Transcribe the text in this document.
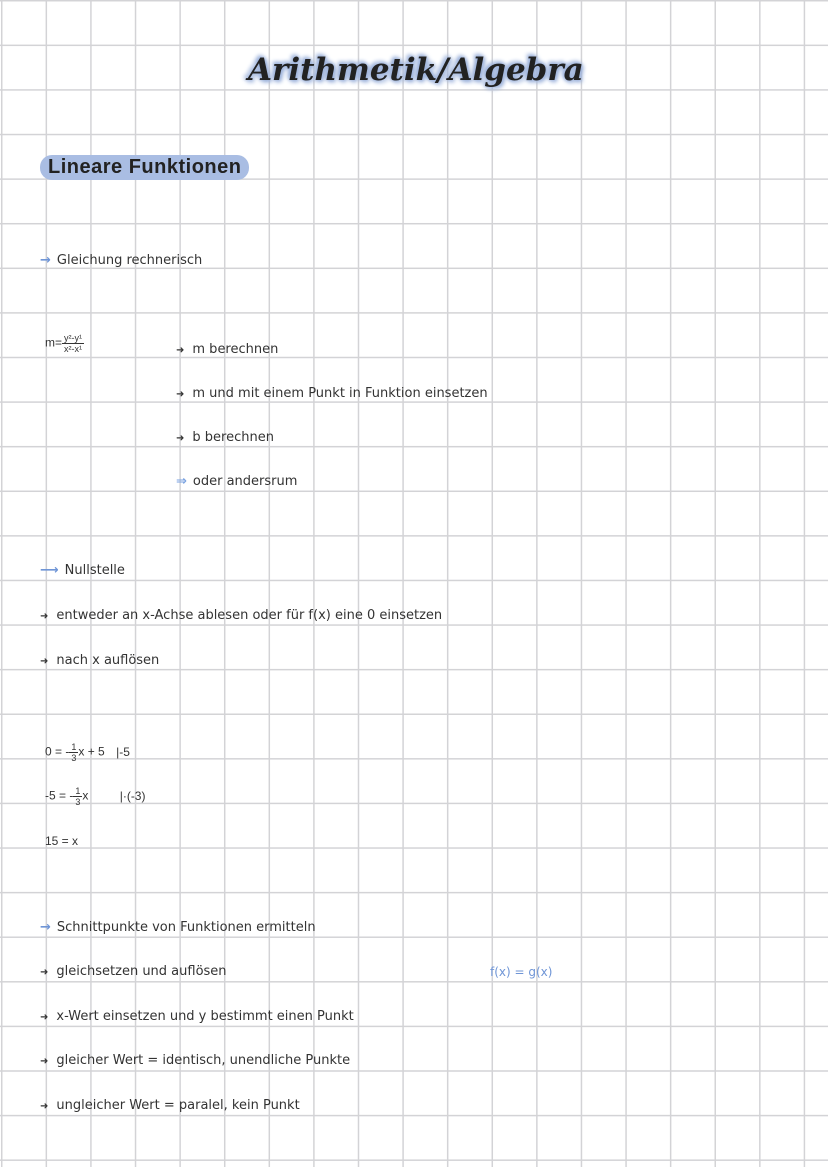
Arithmetik/Algebra
Lineare Funktionen
→ Gleichung rechnerisch
$m= \frac{\text{y²-y¹}}{\text{x²-x¹}}$	➜ m berechnen
➜ m und mit einem Punkt in Funktion einsetzen
➜ b berechnen
⇒ oder andersrum
⟶ Nullstelle
➜ entweder an x-Achse ablesen oder für f(x) eine 0 einsetzen
➜ nach x auflösen
0 = - $\frac{1}{3}$ x + 5 |-5
-5 = - $\frac{1}{3}$ x	|·(-3)
15 = x
→ Schnittpunkte von Funktionen ermitteln
➜ gleichsetzen und auflösen
➜ x-Wert einsetzen und y bestimmt einen Punkt
➜ gleicher Wert = identisch, unendliche Punkte
➜ ungleicher Wert = paralel, kein Punkt
f(x) = g(x)
